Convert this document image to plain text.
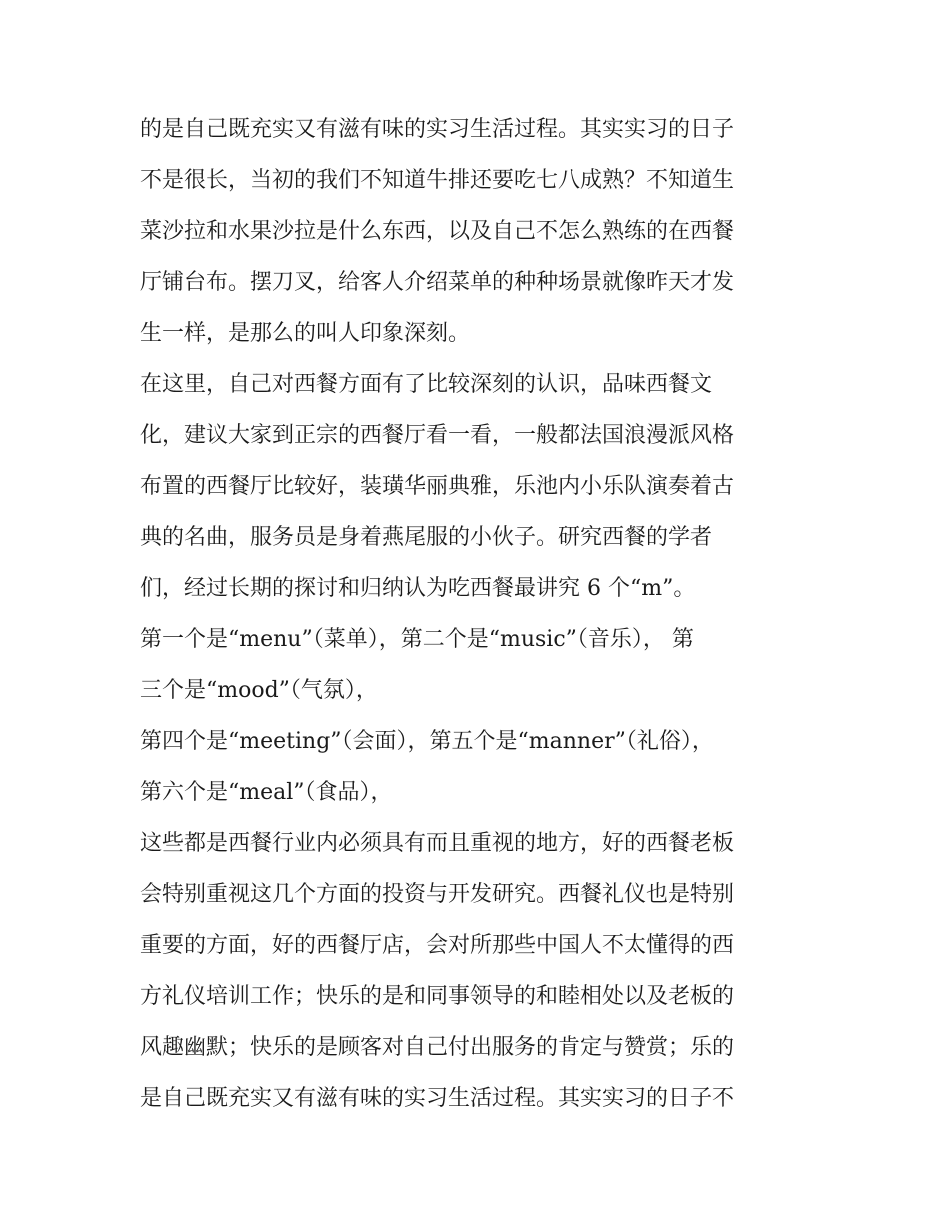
的是自己既充实又有滋有味的实习生活过程。其实实习的日子
不是很长，当初的我们不知道牛排还要吃七八成熟？不知道生
菜沙拉和水果沙拉是什么东西，以及自己不怎么熟练的在西餐
厅铺台布。摆刀叉，给客人介绍菜单的种种场景就像昨天才发
生一样，是那么的叫人印象深刻。
在这里，自己对西餐方面有了比较深刻的认识，品味西餐文
化，建议大家到正宗的西餐厅看一看，一般都法国浪漫派风格
布置的西餐厅比较好，装璜华丽典雅，乐池内小乐队演奏着古
典的名曲，服务员是身着燕尾服的小伙子。研究西餐的学者
们，经过长期的探讨和归纳认为吃西餐最讲究 6 个“m”。
第一个是“menu”（菜单），第二个是“music”（音乐）， 第
三个是“mood”（气氛），
第四个是“meeting”（会面），第五个是“manner”（礼俗），
第六个是“meal”（食品），
这些都是西餐行业内必须具有而且重视的地方，好的西餐老板
会特别重视这几个方面的投资与开发研究。西餐礼仪也是特别
重要的方面，好的西餐厅店，会对所那些中国人不太懂得的西
方礼仪培训工作；快乐的是和同事领导的和睦相处以及老板的
风趣幽默；快乐的是顾客对自己付出服务的肯定与赞赏；乐的
是自己既充实又有滋有味的实习生活过程。其实实习的日子不
